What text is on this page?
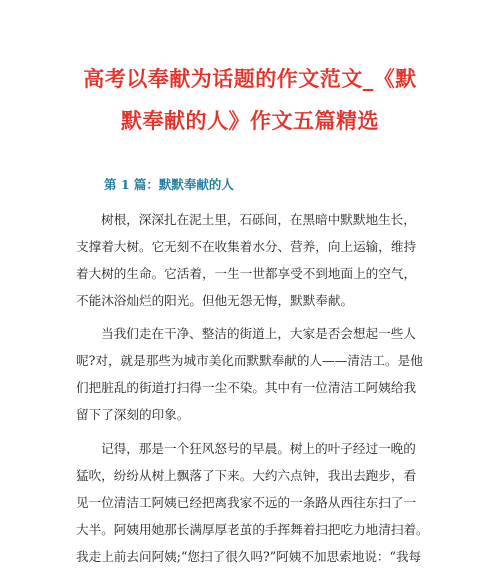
高考以奉献为话题的作文范文_《默
默奉献的人》作文五篇精选
第 1 篇：默默奉献的人

树根，深深扎在泥土里，石砾间，在黑暗中默默地生长，
支撑着大树。它无刻不在收集着水分、营养，向上运输，维持
着大树的生命。它活着，一生一世都享受不到地面上的空气，
不能沐浴灿烂的阳光。但他无怨无悔，默默奉献。

当我们走在干净、整洁的街道上，大家是否会想起一些人
呢?对，就是那些为城市美化而默默奉献的人——清洁工。是他
们把脏乱的街道打扫得一尘不染。其中有一位清洁工阿姨给我
留下了深刻的印象。

记得，那是一个狂风怒号的早晨。树上的叶子经过一晚的
猛吹，纷纷从树上飘落了下来。大约六点钟，我出去跑步，看
见一位清洁工阿姨已经把离我家不远的一条路从西往东扫了一
大半。阿姨用她那长满厚厚老茧的手挥舞着扫把吃力地清扫着。
我走上前去问阿姨;“您扫了很久吗?”阿姨不加思索地说：“我每
